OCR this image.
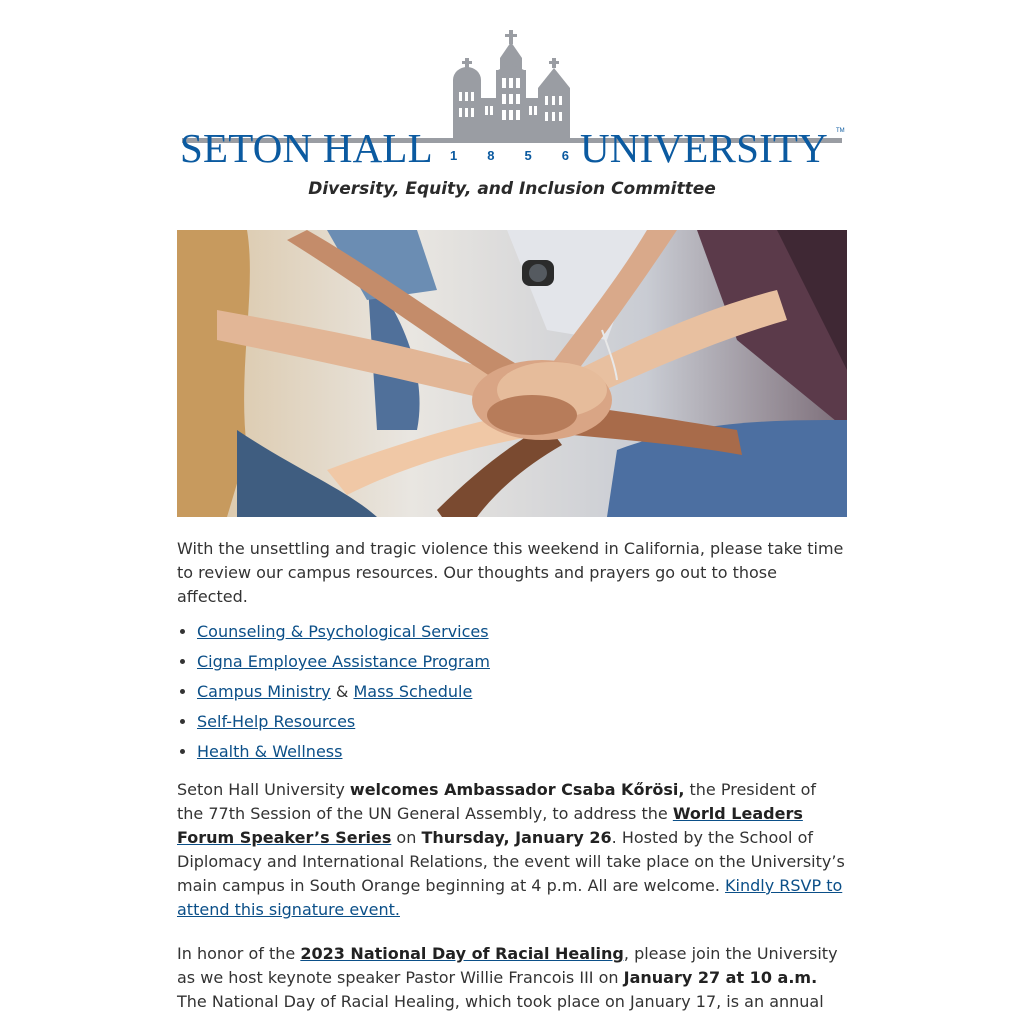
SETON HALL	UNIVERSITY TM
1856
Diversity, Equity, and Inclusion Committee

With the unsettling and tragic violence this weekend in California, please take time to review our campus resources. Our thoughts and prayers go out to those affected.

• Counseling & Psychological Services
• Cigna Employee Assistance Program
• Campus Ministry & Mass Schedule
• Self-Help Resources
• Health & Wellness

Seton Hall University welcomes Ambassador Csaba Kőrösi, the President of the 77th Session of the UN General Assembly, to address the World Leaders Forum Speaker’s Series on Thursday, January 26. Hosted by the School of Diplomacy and International Relations, the event will take place on the University’s main campus in South Orange beginning at 4 p.m. All are welcome. Kindly RSVP to attend this signature event.

In honor of the 2023 National Day of Racial Healing, please join the University as we host keynote speaker Pastor Willie Francois III on January 27 at 10 a.m. The National Day of Racial Healing, which took place on January 17, is an annual
